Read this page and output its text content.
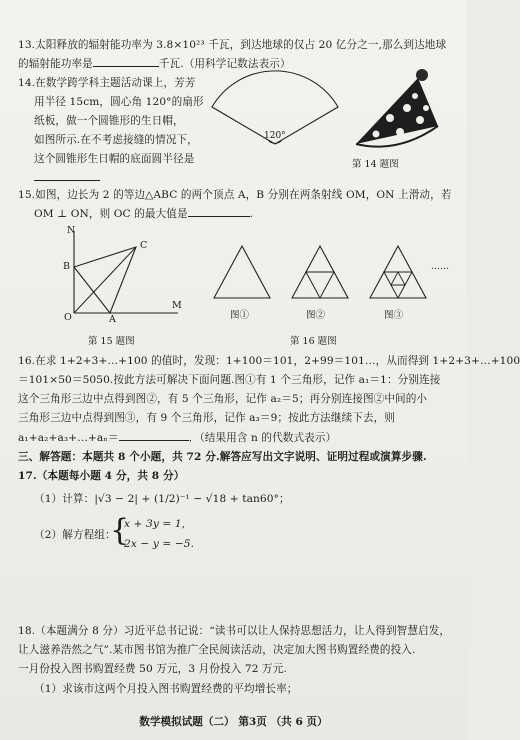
13.太阳释放的辐射能功率为 3.8×10²³ 千瓦，到达地球的仅占 20 亿分之一,那么到达地球
的辐射能功率是	千瓦.（用科学记数法表示）
14.在数学跨学科主题活动课上，芳芳
用半径 15cm，圆心角 120°的扇形
纸板，做一个圆锥形的生日帽，
如图所示.在不考虑接缝的情况下，
这个圆锥形生日帽的底面圆半径是
120°
第 14 题图
15.如图，边长为 2 的等边△ABC 的两个顶点 A，B 分别在两条射线 OM，ON 上滑动，若
OM ⊥ ON，则 OC 的最大值是	.
N
B
C
O	A
M
第 15 题图
……
图①	图②	图③
第 16 题图
16.在求 1+2+3+…+100 的值时，发现：1+100＝101，2+99＝101…，从而得到 1+2+3+…+100
＝101×50＝5050.按此方法可解决下面问题.图①有 1 个三角形，记作 a₁＝1：分别连接
这个三角形三边中点得到图②，有 5 个三角形，记作 a₂＝5；再分别连接图②中间的小
三角形三边中点得到图③，有 9 个三角形，记作 a₃＝9；按此方法继续下去，则
a₁+a₂+a₃+…+aₙ＝	．（结果用含 n 的代数式表示）
三、解答题：本题共 8 个小题，共 72 分.解答应写出文字说明、证明过程或演算步骤.
17.（本题每小题 4 分，共 8 分）
（1）计算：|√3 − 2| + (1/2)⁻¹ − √18 + tan60°；
（2）解方程组：
{
x + 3y = 1,
2x − y = −5.
18.（本题满分 8 分）习近平总书记说：“读书可以让人保持思想活力，让人得到智慧启发，
让人滋养浩然之气”.某市图书馆为推广全民阅读活动，决定加大图书购置经费的投入.
一月份投入图书购置经费 50 万元，3 月份投入 72 万元.
（1）求该市这两个月投入图书购置经费的平均增长率；
数学模拟试题（二） 第3页 （共 6 页）
